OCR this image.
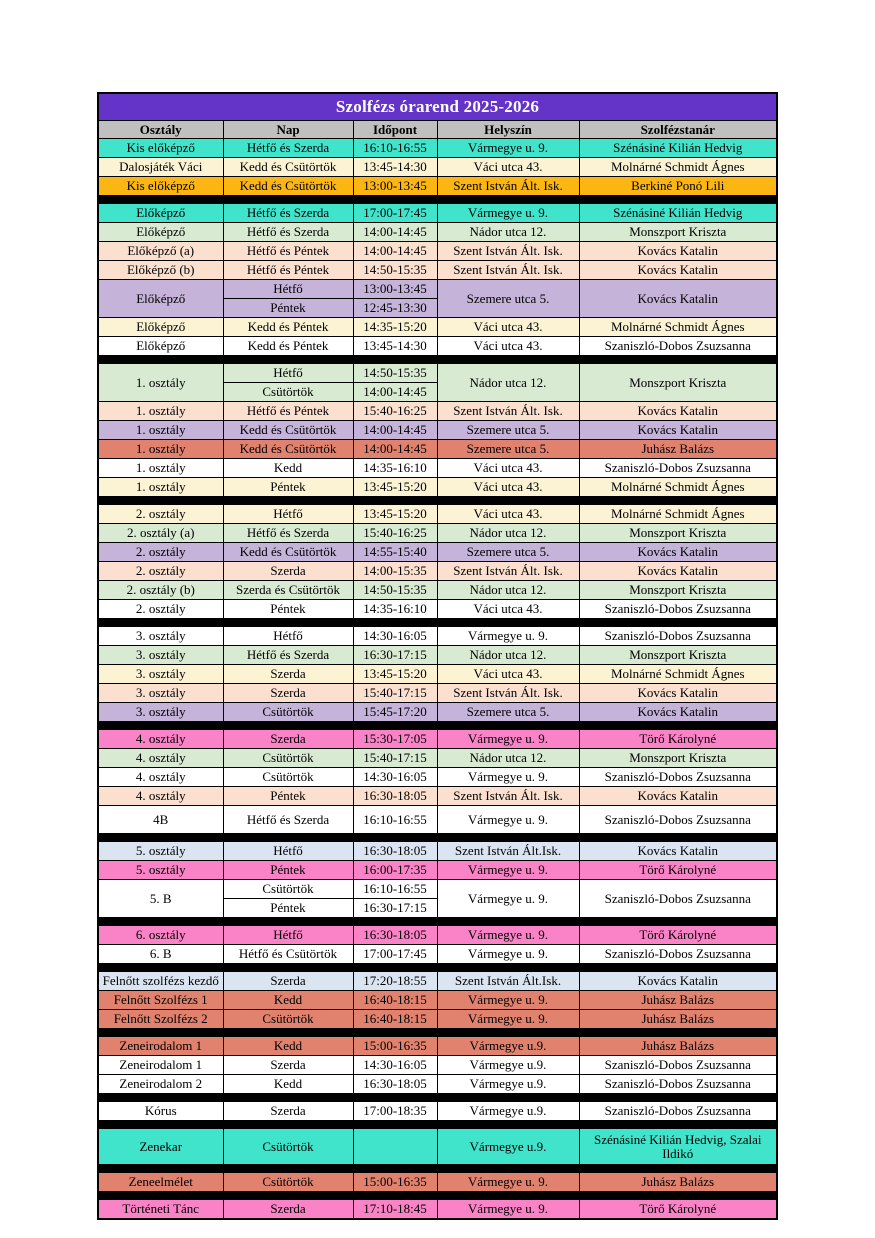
Szolfézs órarend 2025-2026				
Osztály	Nap	Időpont	Helyszín	Szolfézstanár
Kis előképző	Hétfő és Szerda	16:10-16:55	Vármegye u. 9.	Szénásiné Kilián Hedvig
Dalosjáték Váci	Kedd és Csütörtök	13:45-14:30	Váci utca 43.	Molnárné Schmidt Ágnes
Kis előképző	Kedd és Csütörtök	13:00-13:45	Szent István Ált. Isk.	Berkiné Ponó Lili

Előképző	Hétfő és Szerda	17:00-17:45	Vármegye u. 9.	Szénásiné Kilián Hedvig
Előképző	Hétfő és Szerda	14:00-14:45	Nádor utca 12.	Monszport Kriszta
Előképző (a)	Hétfő és Péntek	14:00-14:45	Szent István Ált. Isk.	Kovács Katalin
Előképző (b)	Hétfő és Péntek	14:50-15:35	Szent István Ált. Isk.	Kovács Katalin
Előképző	Hétfő	13:00-13:45	Szemere utca 5.	Kovács Katalin
	Péntek	12:45-13:30		
Előképző	Kedd és Péntek	14:35-15:20	Váci utca 43.	Molnárné Schmidt Ágnes
Előképző	Kedd és Péntek	13:45-14:30	Váci utca 43.	Szaniszló-Dobos Zsuzsanna

1. osztály	Hétfő	14:50-15:35	Nádor utca 12.	Monszport Kriszta
	Csütörtök	14:00-14:45		
1. osztály	Hétfő és Péntek	15:40-16:25	Szent István Ált. Isk.	Kovács Katalin
1. osztály	Kedd és Csütörtök	14:00-14:45	Szemere utca 5.	Kovács Katalin
1. osztály	Kedd és Csütörtök	14:00-14:45	Szemere utca 5.	Juhász Balázs
1. osztály	Kedd	14:35-16:10	Váci utca 43.	Szaniszló-Dobos Zsuzsanna
1. osztály	Péntek	13:45-15:20	Váci utca 43.	Molnárné Schmidt Ágnes

2. osztály	Hétfő	13:45-15:20	Váci utca 43.	Molnárné Schmidt Ágnes
2. osztály (a)	Hétfő és Szerda	15:40-16:25	Nádor utca 12.	Monszport Kriszta
2. osztály	Kedd és Csütörtök	14:55-15:40	Szemere utca 5.	Kovács Katalin
2. osztály	Szerda	14:00-15:35	Szent István Ált. Isk.	Kovács Katalin
2. osztály (b)	Szerda és Csütörtök	14:50-15:35	Nádor utca 12.	Monszport Kriszta
2. osztály	Péntek	14:35-16:10	Váci utca 43.	Szaniszló-Dobos Zsuzsanna

3. osztály	Hétfő	14:30-16:05	Vármegye u. 9.	Szaniszló-Dobos Zsuzsanna
3. osztály	Hétfő és Szerda	16:30-17:15	Nádor utca 12.	Monszport Kriszta
3. osztály	Szerda	13:45-15:20	Váci utca 43.	Molnárné Schmidt Ágnes
3. osztály	Szerda	15:40-17:15	Szent István Ált. Isk.	Kovács Katalin
3. osztály	Csütörtök	15:45-17:20	Szemere utca 5.	Kovács Katalin

4. osztály	Szerda	15:30-17:05	Vármegye u. 9.	Törő Károlyné
4. osztály	Csütörtök	15:40-17:15	Nádor utca 12.	Monszport Kriszta
4. osztály	Csütörtök	14:30-16:05	Vármegye u. 9.	Szaniszló-Dobos Zsuzsanna
4. osztály	Péntek	16:30-18:05	Szent István Ált. Isk.	Kovács Katalin
4B	Hétfő és Szerda	16:10-16:55	Vármegye u. 9.	Szaniszló-Dobos Zsuzsanna

5. osztály	Hétfő	16:30-18:05	Szent István Ált.Isk.	Kovács Katalin
5. osztály	Péntek	16:00-17:35	Vármegye u. 9.	Törő Károlyné
5. B	Csütörtök	16:10-16:55	Vármegye u. 9.	Szaniszló-Dobos Zsuzsanna
	Péntek	16:30-17:15		

6. osztály	Hétfő	16:30-18:05	Vármegye u. 9.	Törő Károlyné
6. B	Hétfő és Csütörtök	17:00-17:45	Vármegye u. 9.	Szaniszló-Dobos Zsuzsanna

Felnőtt szolfézs kezdő	Szerda	17:20-18:55	Szent István Ált.Isk.	Kovács Katalin
Felnőtt Szolfézs 1	Kedd	16:40-18:15	Vármegye u. 9.	Juhász Balázs
Felnőtt Szolfézs 2	Csütörtök	16:40-18:15	Vármegye u. 9.	Juhász Balázs

Zeneirodalom 1	Kedd	15:00-16:35	Vármegye u.9.	Juhász Balázs
Zeneirodalom 1	Szerda	14:30-16:05	Vármegye u.9.	Szaniszló-Dobos Zsuzsanna
Zeneirodalom 2	Kedd	16:30-18:05	Vármegye u.9.	Szaniszló-Dobos Zsuzsanna

Kórus	Szerda	17:00-18:35	Vármegye u.9.	Szaniszló-Dobos Zsuzsanna

Zenekar	Csütörtök		Vármegye u.9.	Szénásiné Kilián Hedvig, Szalai Ildikó

Zeneelmélet	Csütörtök	15:00-16:35	Vármegye u. 9.	Juhász Balázs

Történeti Tánc	Szerda	17:10-18:45	Vármegye u. 9.	Törő Károlyné
